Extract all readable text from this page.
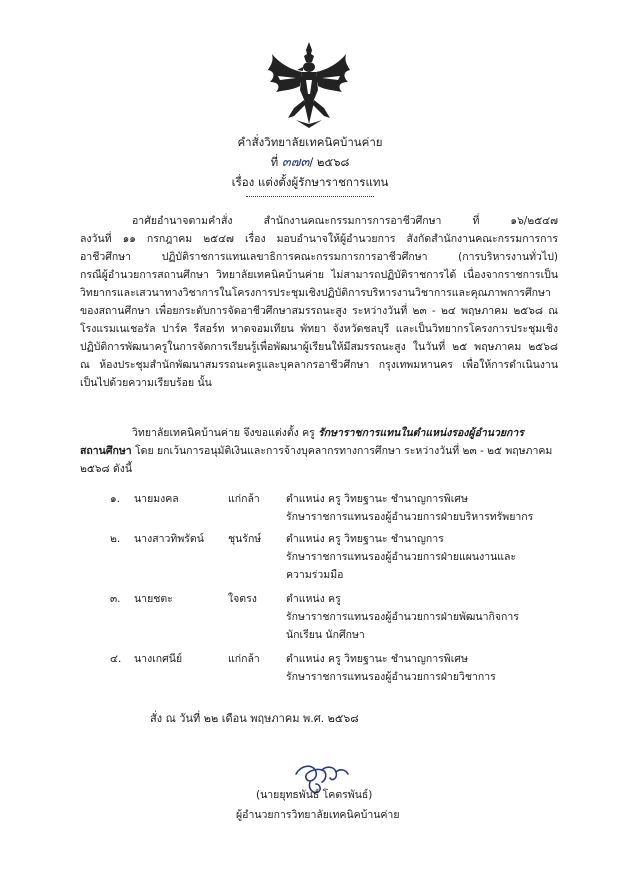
คำสั่งวิทยาลัยเทคนิคบ้านค่าย
ที่ ๓๗๓/ ๒๕๖๘
เรื่อง แต่งตั้งผู้รักษาราชการแทน
อาศัยอำนาจตามคำสั่ง สำนักงานคณะกรรมการการอาชีวศึกษา ที่ ๑๖/๒๕๔๗
ลงวันที่ ๑๑ กรกฎาคม ๒๕๔๗ เรื่อง มอบอำนาจให้ผู้อำนวยการ สังกัดสำนักงานคณะกรรมการการ
อาชีวศึกษา ปฏิบัติราชการแทนเลขาธิการคณะกรรมการการอาชีวศึกษา (การบริหารงานทั่วไป)
กรณีผู้อำนวยการสถานศึกษา วิทยาลัยเทคนิคบ้านค่าย ไม่สามารถปฏิบัติราชการได้ เนื่องจากราชการเป็น
วิทยากรและเสวนาทางวิชาการในโครงการประชุมเชิงปฏิบัติการบริหารงานวิชาการและคุณภาพการศึกษา
ของสถานศึกษา เพื่อยกระดับการจัดอาชีวศึกษาสมรรถนะสูง ระหว่างวันที่ ๒๓ - ๒๔ พฤษภาคม ๒๕๖๘ ณ
โรงแรมเนเชอรัล ปาร์ค รีสอร์ท หาดจอมเทียน พัทยา จังหวัดชลบุรี และเป็นวิทยากรโครงการประชุมเชิง
ปฏิบัติการพัฒนาครูในการจัดการเรียนรู้เพื่อพัฒนาผู้เรียนให้มีสมรรถนะสูง ในวันที่ ๒๕ พฤษภาคม ๒๕๖๘
ณ ห้องประชุมสำนักพัฒนาสมรรถนะครูและบุคลากรอาชีวศึกษา กรุงเทพมหานคร เพื่อให้การดำเนินงาน
เป็นไปด้วยความเรียบร้อย นั้น
วิทยาลัยเทคนิคบ้านค่าย จึงขอแต่งตั้ง ครู รักษาราชการแทนในตำแหน่งรองผู้อำนวยการ
สถานศึกษา โดย ยกเว้นการอนุมัติเงินและการจ้างบุคลากรทางการศึกษา ระหว่างวันที่ ๒๓ - ๒๕ พฤษภาคม
๒๕๖๘ ดังนี้
๑.	นายมงคล	แก่กล้า ตำแหน่ง ครู วิทยฐานะ ชำนาญการพิเศษ
รักษาราชการแทนรองผู้อำนวยการฝ่ายบริหารทรัพยากร
๒.	นางสาวทิพรัตน์ ชุนรักษ์ ตำแหน่ง ครู วิทยฐานะ ชำนาญการ
รักษาราชการแทนรองผู้อำนวยการฝ่ายแผนงานและ
ความร่วมมือ
๓.	นายชตะ	ใจตรง	ตำแหน่ง ครู
รักษาราชการแทนรองผู้อำนวยการฝ่ายพัฒนากิจการ
นักเรียน นักศึกษา
๔.	นางเกศนีย์	แก่กล้า ตำแหน่ง ครู วิทยฐานะ ชำนาญการพิเศษ
รักษาราชการแทนรองผู้อำนวยการฝ่ายวิชาการ
สั่ง ณ วันที่ ๒๒ เดือน พฤษภาคม พ.ศ. ๒๕๖๘
(นายยุทธพันธ์ โคตรพันธ์)
ผู้อำนวยการวิทยาลัยเทคนิคบ้านค่าย
